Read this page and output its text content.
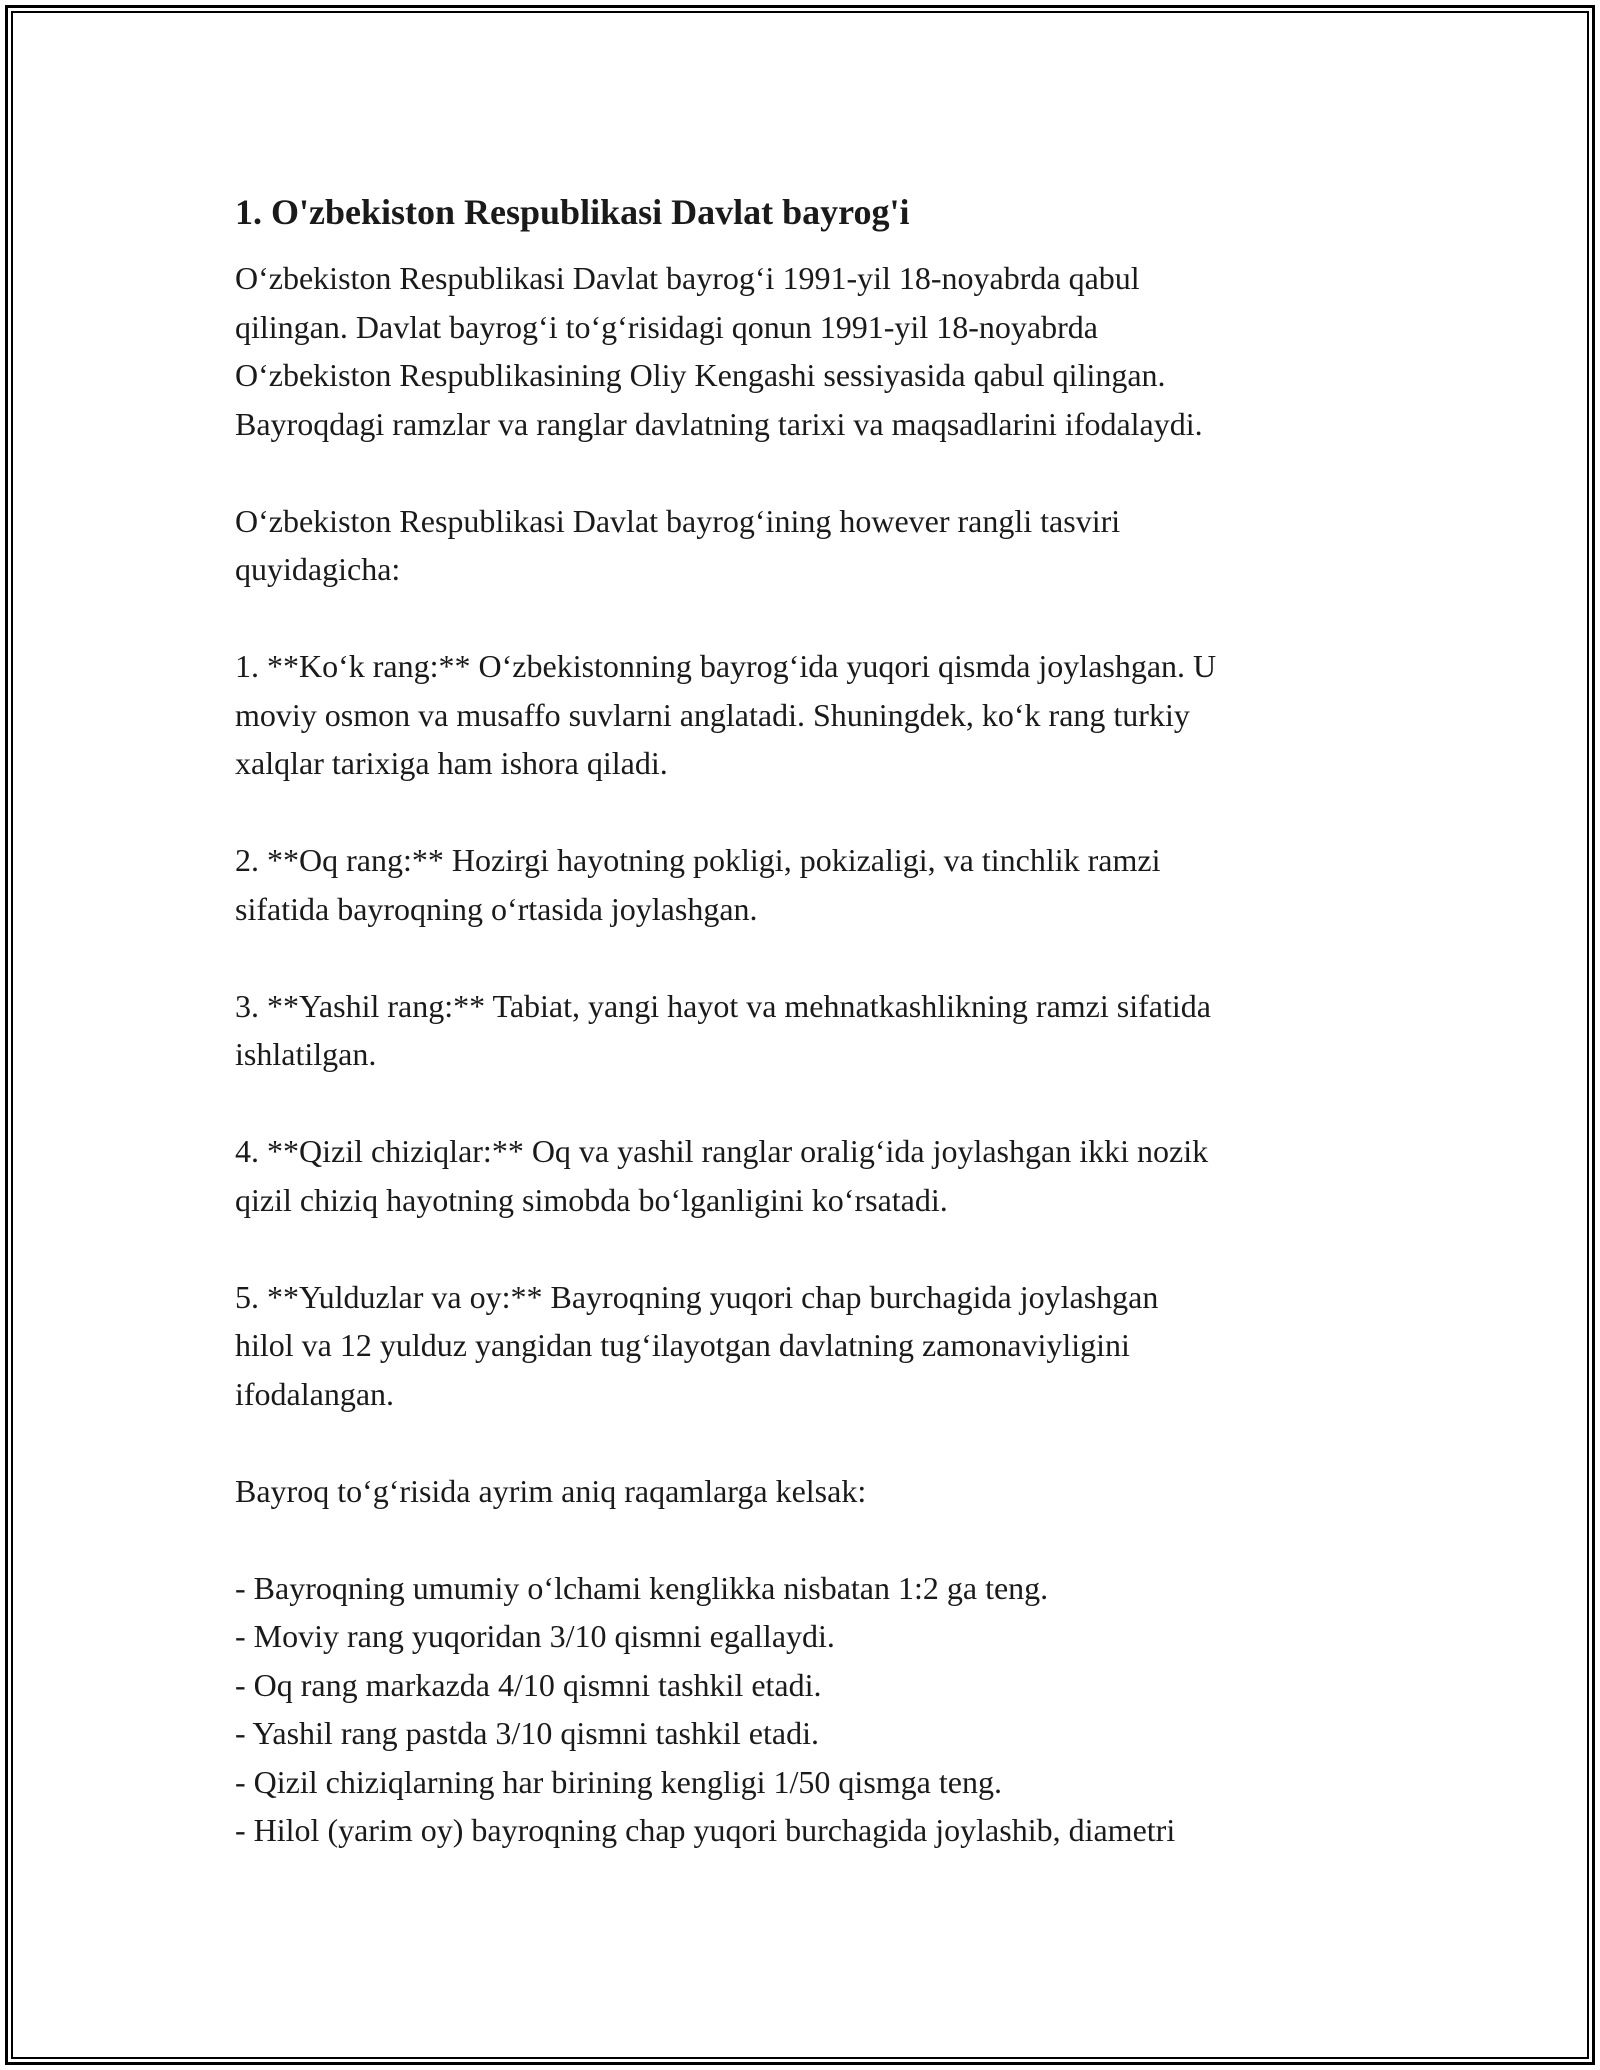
1. O'zbekiston Respublikasi Davlat bayrog'i
O‘zbekiston Respublikasi Davlat bayrog‘i 1991-yil 18-noyabrda qabul
qilingan. Davlat bayrog‘i to‘g‘risidagi qonun 1991-yil 18-noyabrda
O‘zbekiston Respublikasining Oliy Kengashi sessiyasida qabul qilingan.
Bayroqdagi ramzlar va ranglar davlatning tarixi va maqsadlarini ifodalaydi.
O‘zbekiston Respublikasi Davlat bayrog‘ining however rangli tasviri
quyidagicha:
1. **Ko‘k rang:** O‘zbekistonning bayrog‘ida yuqori qismda joylashgan. U
moviy osmon va musaffo suvlarni anglatadi. Shuningdek, ko‘k rang turkiy
xalqlar tarixiga ham ishora qiladi.
2. **Oq rang:** Hozirgi hayotning pokligi, pokizaligi, va tinchlik ramzi
sifatida bayroqning o‘rtasida joylashgan.
3. **Yashil rang:** Tabiat, yangi hayot va mehnatkashlikning ramzi sifatida
ishlatilgan.
4. **Qizil chiziqlar:** Oq va yashil ranglar oralig‘ida joylashgan ikki nozik
qizil chiziq hayotning simobda bo‘lganligini ko‘rsatadi.
5. **Yulduzlar va oy:** Bayroqning yuqori chap burchagida joylashgan
hilol va 12 yulduz yangidan tug‘ilayotgan davlatning zamonaviyligini
ifodalangan.
Bayroq to‘g‘risida ayrim aniq raqamlarga kelsak:
- Bayroqning umumiy o‘lchami kenglikka nisbatan 1:2 ga teng.
- Moviy rang yuqoridan 3/10 qismni egallaydi.
- Oq rang markazda 4/10 qismni tashkil etadi.
- Yashil rang pastda 3/10 qismni tashkil etadi.
- Qizil chiziqlarning har birining kengligi 1/50 qismga teng.
- Hilol (yarim oy) bayroqning chap yuqori burchagida joylashib, diametri
